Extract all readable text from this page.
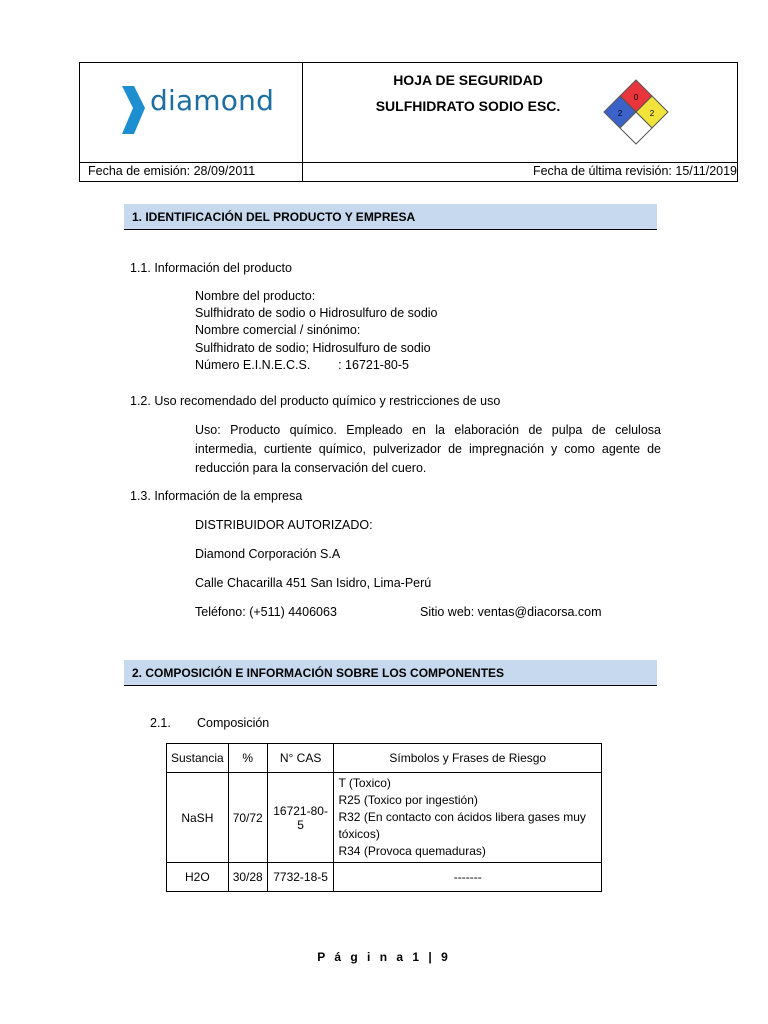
diamond
HOJA DE SEGURIDAD
SULFHIDRATO SODIO ESC.
0
2	2
Fecha de emisión: 28/09/2011	Fecha de última revisión: 15/11/2019
1. IDENTIFICACIÓN DEL PRODUCTO Y EMPRESA
1.1. Información del producto
Nombre del producto:
Sulfhidrato de sodio o Hidrosulfuro de sodio
Nombre comercial / sinónimo:
Sulfhidrato de sodio; Hidrosulfuro de sodio
Número E.I.N.E.C.S.        : 16721-80-5
1.2. Uso recomendado del producto químico y restricciones de uso
Uso: Producto químico. Empleado en la elaboración de pulpa de celulosa intermedia, curtiente químico, pulverizador de impregnación y como agente de reducción para la conservación del cuero.
1.3. Información de la empresa
DISTRIBUIDOR AUTORIZADO:
Diamond Corporación S.A
Calle Chacarilla 451 San Isidro, Lima-Perú
Teléfono: (+511) 4406063	Sitio web: ventas@diacorsa.com
2. COMPOSICIÓN E INFORMACIÓN SOBRE LOS COMPONENTES
2.1. Composición
Sustancia	%	N° CAS	Símbolos y Frases de Riesgo
NaSH	70/72	16721-80-5	T (Toxico)
R25 (Toxico por ingestión)
R32 (En contacto con ácidos libera gases muy tóxicos)
R34 (Provoca quemaduras)

H2O	30/28	7732-18-5	-------
P á g i n a 1 | 9
